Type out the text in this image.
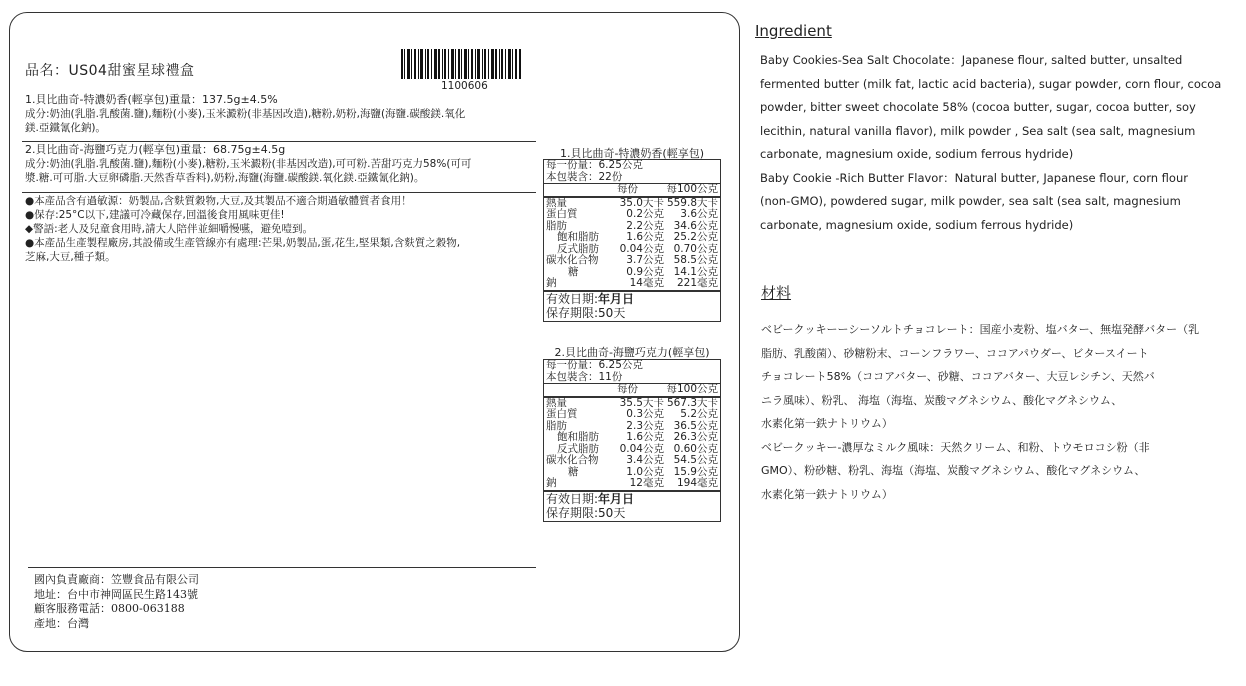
品名：US04甜蜜星球禮盒
1100606
1.貝比曲奇-特濃奶香(輕享包)重量：137.5g±4.5%
成分:奶油(乳脂.乳酸菌.鹽),麵粉(小麥),玉米澱粉(非基因改造),糖粉,奶粉,海鹽(海鹽.碳酸鎂.氧化
鎂.亞鐵氰化鈉)。
2.貝比曲奇-海鹽巧克力(輕享包)重量：68.75g±4.5g
成分:奶油(乳脂.乳酸菌.鹽),麵粉(小麥),糖粉,玉米澱粉(非基因改造),可可粉.苦甜巧克力58%(可可
漿.糖.可可脂.大豆卵磷脂.天然香草香料),奶粉,海鹽(海鹽.碳酸鎂.氧化鎂.亞鐵氰化鈉)。
●本產品含有過敏源：奶製品,含麩質穀物,大豆,及其製品不適合期過敏體質者食用！
●保存:25°C以下,建議可冷藏保存,回溫後食用風味更佳!
◆警語:老人及兒童食用時,請大人陪伴並細嚼慢嚥，避免噎到。
●本產品生產製程廠房,其設備或生產管線亦有處理:芒果,奶製品,蛋,花生,堅果類,含麩質之穀物,
芝麻,大豆,種子類。
1.貝比曲奇-特濃奶香(輕享包)
每一份量：6.25公克
本包裝含：22份
每份	每100公克
熱量	35.0大卡 559.8大卡
蛋白質	0.2公克 3.6公克
脂肪	2.2公克 34.6公克
飽和脂肪	1.6公克 25.2公克
反式脂肪 0.04公克 0.70公克
碳水化合物	3.7公克 58.5公克
糖	0.9公克 14.1公克
鈉	14毫克 221毫克
有效日期:年月日
保存期限:50天
2.貝比曲奇-海鹽巧克力(輕享包)
每一份量：6.25公克
本包裝含：11份
每份	每100公克
熱量	35.5大卡 567.3大卡
蛋白質	0.3公克 5.2公克
脂肪	2.3公克 36.5公克
飽和脂肪	1.6公克 26.3公克
反式脂肪 0.04公克 0.60公克
碳水化合物	3.4公克 54.5公克
糖	1.0公克 15.9公克
鈉	12毫克 194毫克
有效日期:年月日
保存期限:50天
國內負責廠商：笠豐食品有限公司
地址：台中市神岡區民生路143號
顧客服務電話：0800-063188
產地：台灣
Ingredient
Baby Cookies-Sea Salt Chocolate：Japanese flour, salted butter, unsalted
fermented butter (milk fat, lactic acid bacteria), sugar powder, corn flour, cocoa
powder, bitter sweet chocolate 58% (cocoa butter, sugar, cocoa butter, soy
lecithin, natural vanilla flavor), milk powder , Sea salt (sea salt, magnesium
carbonate, magnesium oxide, sodium ferrous hydride)
Baby Cookie -Rich Butter Flavor：Natural butter, Japanese flour, corn flour
(non-GMO), powdered sugar, milk powder, sea salt (sea salt, magnesium
carbonate, magnesium oxide, sodium ferrous hydride)
材料
ベビークッキーーシーソルトチョコレート：国産小麦粉、塩バター、無塩発酵バター（乳
脂肪、乳酸菌）、砂糖粉末、コーンフラワー、ココアパウダー、ビタースイート
チョコレート58%（ココアバター、砂糖、ココアバター、大豆レシチン、天然バ
ニラ風味）、粉乳、 海塩（海塩、炭酸マグネシウム、酸化マグネシウム、
水素化第一鉄ナトリウム）
ベビークッキー-濃厚なミルク風味：天然クリーム、和粉、トウモロコシ粉（非
GMO）、粉砂糖、粉乳、海塩（海塩、炭酸マグネシウム、酸化マグネシウム、
水素化第一鉄ナトリウム）
